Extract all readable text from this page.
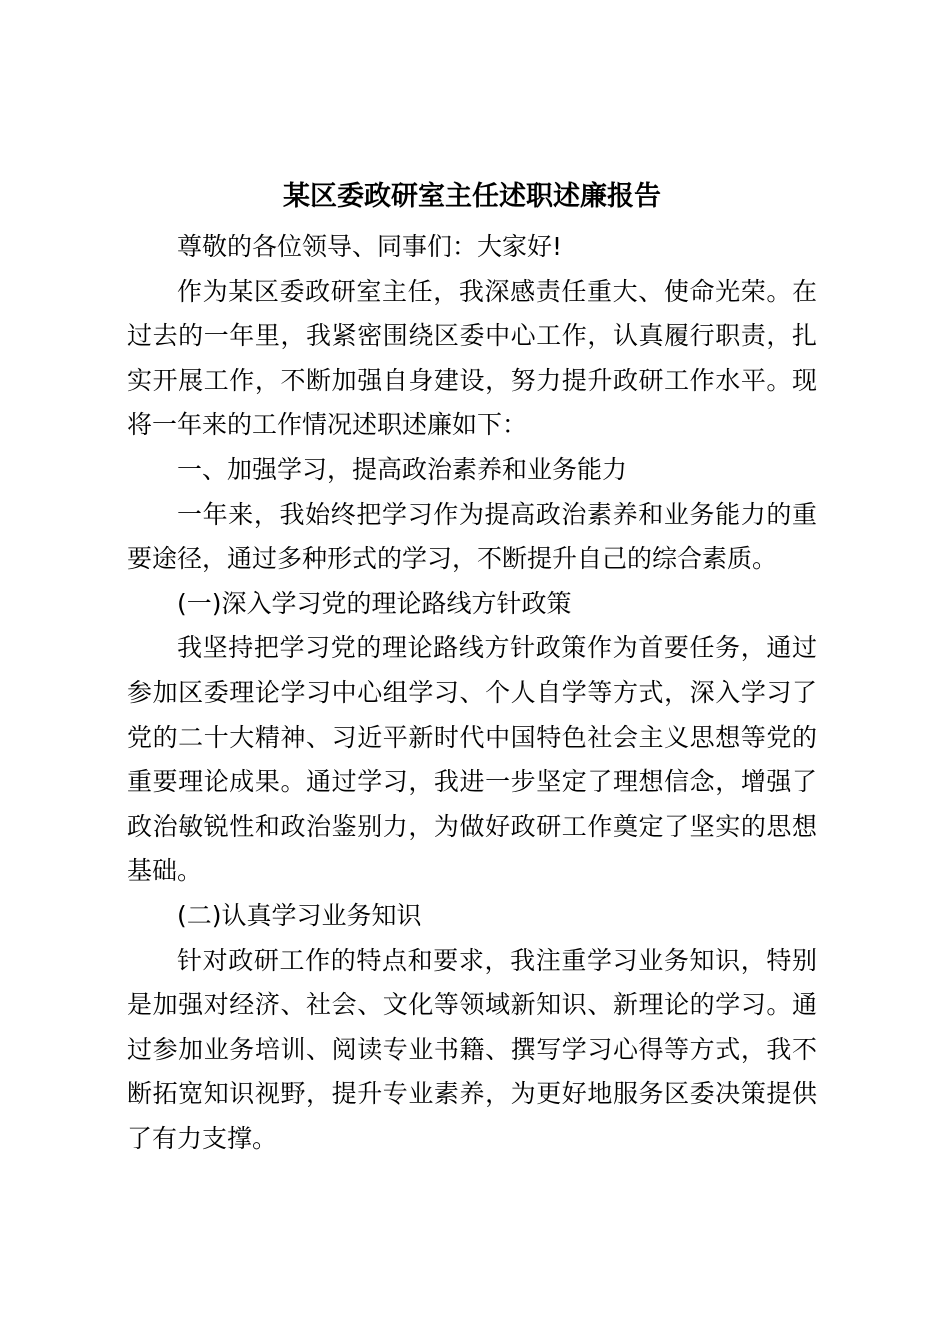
某区委政研室主任述职述廉报告

尊敬的各位领导、同事们：大家好!

作为某区委政研室主任，我深感责任重大、使命光荣。在过去的一年里，我紧密围绕区委中心工作，认真履行职责，扎实开展工作，不断加强自身建设，努力提升政研工作水平。现将一年来的工作情况述职述廉如下：

一、加强学习，提高政治素养和业务能力

一年来，我始终把学习作为提高政治素养和业务能力的重要途径，通过多种形式的学习，不断提升自己的综合素质。

(一)深入学习党的理论路线方针政策

我坚持把学习党的理论路线方针政策作为首要任务，通过参加区委理论学习中心组学习、个人自学等方式，深入学习了党的二十大精神、习近平新时代中国特色社会主义思想等党的重要理论成果。通过学习，我进一步坚定了理想信念，增强了政治敏锐性和政治鉴别力，为做好政研工作奠定了坚实的思想基础。

(二)认真学习业务知识

针对政研工作的特点和要求，我注重学习业务知识，特别是加强对经济、社会、文化等领域新知识、新理论的学习。通过参加业务培训、阅读专业书籍、撰写学习心得等方式，我不断拓宽知识视野，提升专业素养，为更好地服务区委决策提供了有力支撑。
